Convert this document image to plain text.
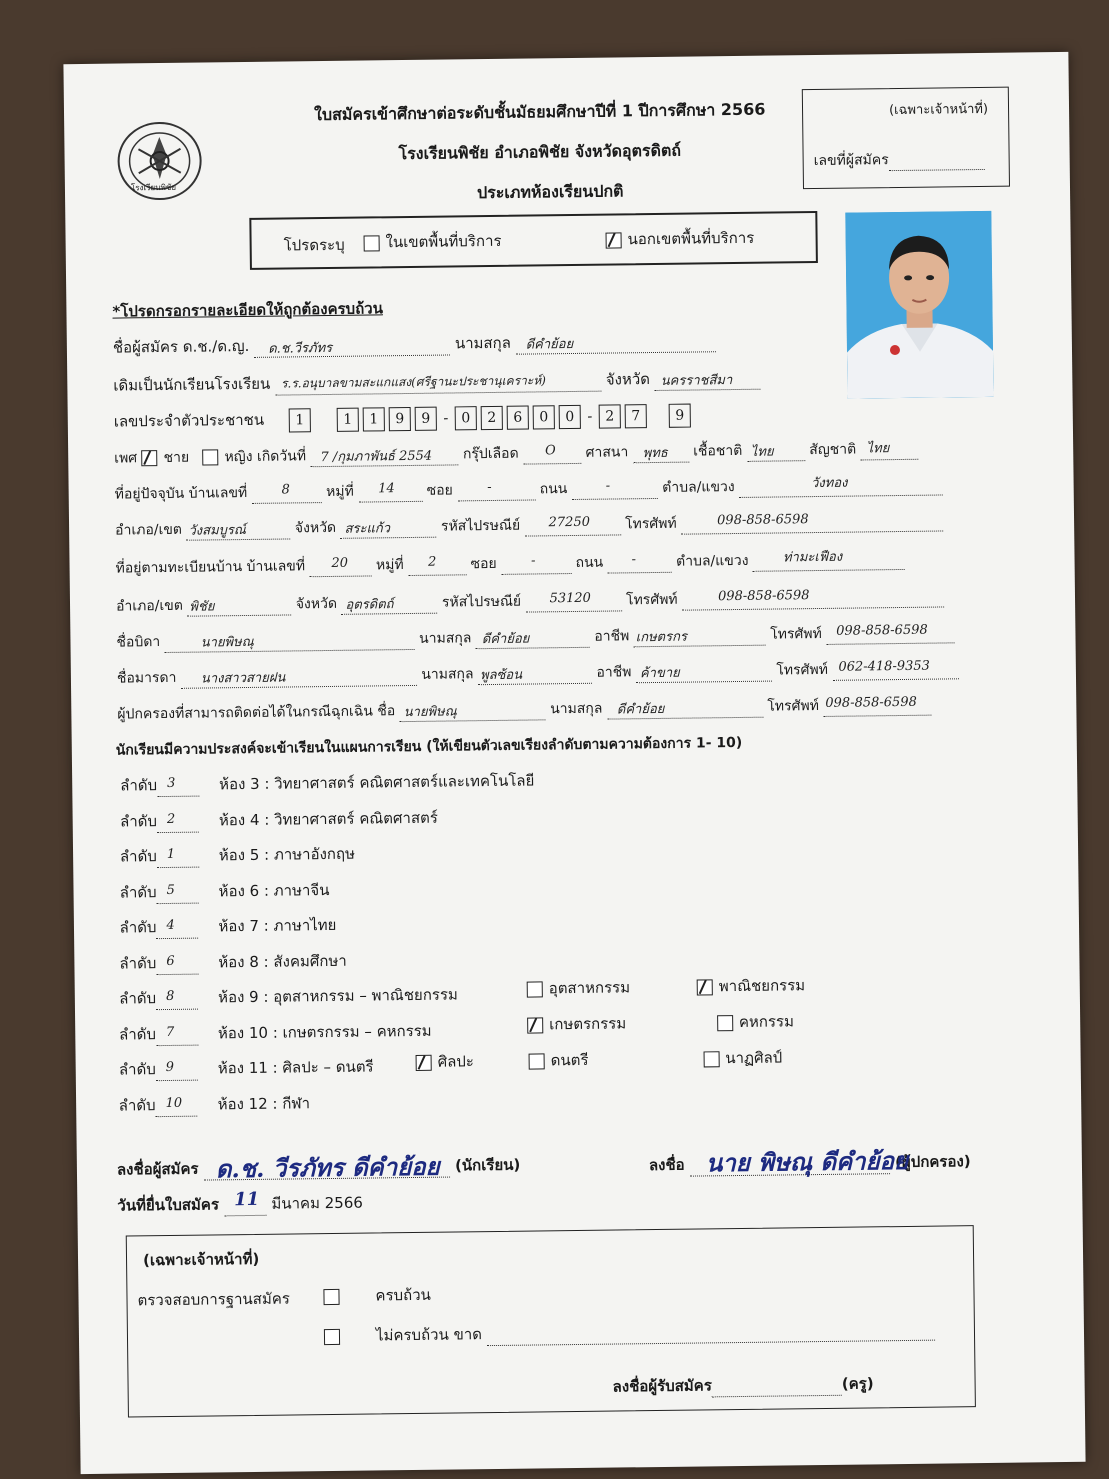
โรงเรียนพิชัย
ใบสมัครเข้าศึกษาต่อระดับชั้นมัธยมศึกษาปีที่ 1 ปีการศึกษา 2566
โรงเรียนพิชัย อำเภอพิชัย จังหวัดอุตรดิตถ์
ประเภทห้องเรียนปกติ
(เฉพาะเจ้าหน้าที่)
เลขที่ผู้สมัคร
โปรดระบุ	ในเขตพื้นที่บริการ	นอกเขตพื้นที่บริการ
*โปรดกรอกรายละเอียดให้ถูกต้องครบถ้วน
ชื่อผู้สมัคร ด.ช./ด.ญ. ด.ช.วีรภัทร	นามสกุล ดีคำย้อย
เดิมเป็นนักเรียนโรงเรียน ร.ร.อนุบาลขามสะแกแสง(ศรีฐานะประชานุเคราะห์)	จังหวัด นครราชสีมา
เลขประจำตัวประชาชน 1	1 1 9 9 - 0 2 6 0 0 - 2 7 9
เพศ ชาย	หญิง เกิดวันที่ 7 /กุมภาพันธ์ 2554 กรุ๊ปเลือด O ศาสนา พุทธ เชื้อชาติ ไทย	สัญชาติ ไทย
ที่อยู่ปัจจุบัน บ้านเลขที่	8	หมู่ที่ 14 ซอย	-	ถนน	-	ตำบล/แขวง	วังทอง
อำเภอ/เขต วังสมบูรณ์	จังหวัด สระแก้ว	รหัสไปรษณีย์ 27250 โทรศัพท์	098-858-6598
ที่อยู่ตามทะเบียนบ้าน บ้านเลขที่ 20 หมู่ที่ 2 ซอย	-	ถนน -	ตำบล/แขวง	ท่ามะเฟือง
อำเภอ/เขต พิชัย	จังหวัด อุตรดิตถ์	รหัสไปรษณีย์ 53120 โทรศัพท์	098-858-6598
ชื่อบิดา	นายพิษณุ	นามสกุล ดีคำย้อย	อาชีพ เกษตรกร	โทรศัพท์ 098-858-6598
ชื่อมารดา นางสาวสายฝน	นามสกุล พูลซ้อน	อาชีพ ค้าขาย	โทรศัพท์ 062-418-9353
ผู้ปกครองที่สามารถติดต่อได้ในกรณีฉุกเฉิน ชื่อ นายพิษณุ	นามสกุล ดีคำย้อย	โทรศัพท์ 098-858-6598
นักเรียนมีความประสงค์จะเข้าเรียนในแผนการเรียน (ให้เขียนตัวเลขเรียงลำดับตามความต้องการ 1- 10)
ลำดับ 3	ห้อง 3 : วิทยาศาสตร์ คณิตศาสตร์และเทคโนโลยี
ลำดับ 2	ห้อง 4 : วิทยาศาสตร์ คณิตศาสตร์
ลำดับ 1	ห้อง 5 : ภาษาอังกฤษ
ลำดับ 5	ห้อง 6 : ภาษาจีน
ลำดับ 4	ห้อง 7 : ภาษาไทย
ลำดับ 6	ห้อง 8 : สังคมศึกษา
ลำดับ 8	ห้อง 9 : อุตสาหกรรม – พาณิชยกรรม
ลำดับ 7	ห้อง 10 : เกษตรกรรม – คหกรรม
ลำดับ 9	ห้อง 11 : ศิลปะ – ดนตรี
ลำดับ 10 ห้อง 12 : กีฬา
อุตสาหกรรม	พาณิชยกรรม
เกษตรกรรม	คหกรรม
ศิลปะ	ดนตรี	นาฏศิลป์
ลงชื่อผู้สมัคร ด.ช. วีรภัทร ดีคำย้อย (นักเรียน)	ลงชื่อ นาย พิษณุ ดีคำย้อย
(ผู้ปกครอง)
วันที่ยื่นใบสมัคร 11 มีนาคม 2566
(เฉพาะเจ้าหน้าที่)
ตรวจสอบการฐานสมัคร	ครบถ้วน
ไม่ครบถ้วน ขาด
ลงชื่อผู้รับสมัคร	(ครู)
